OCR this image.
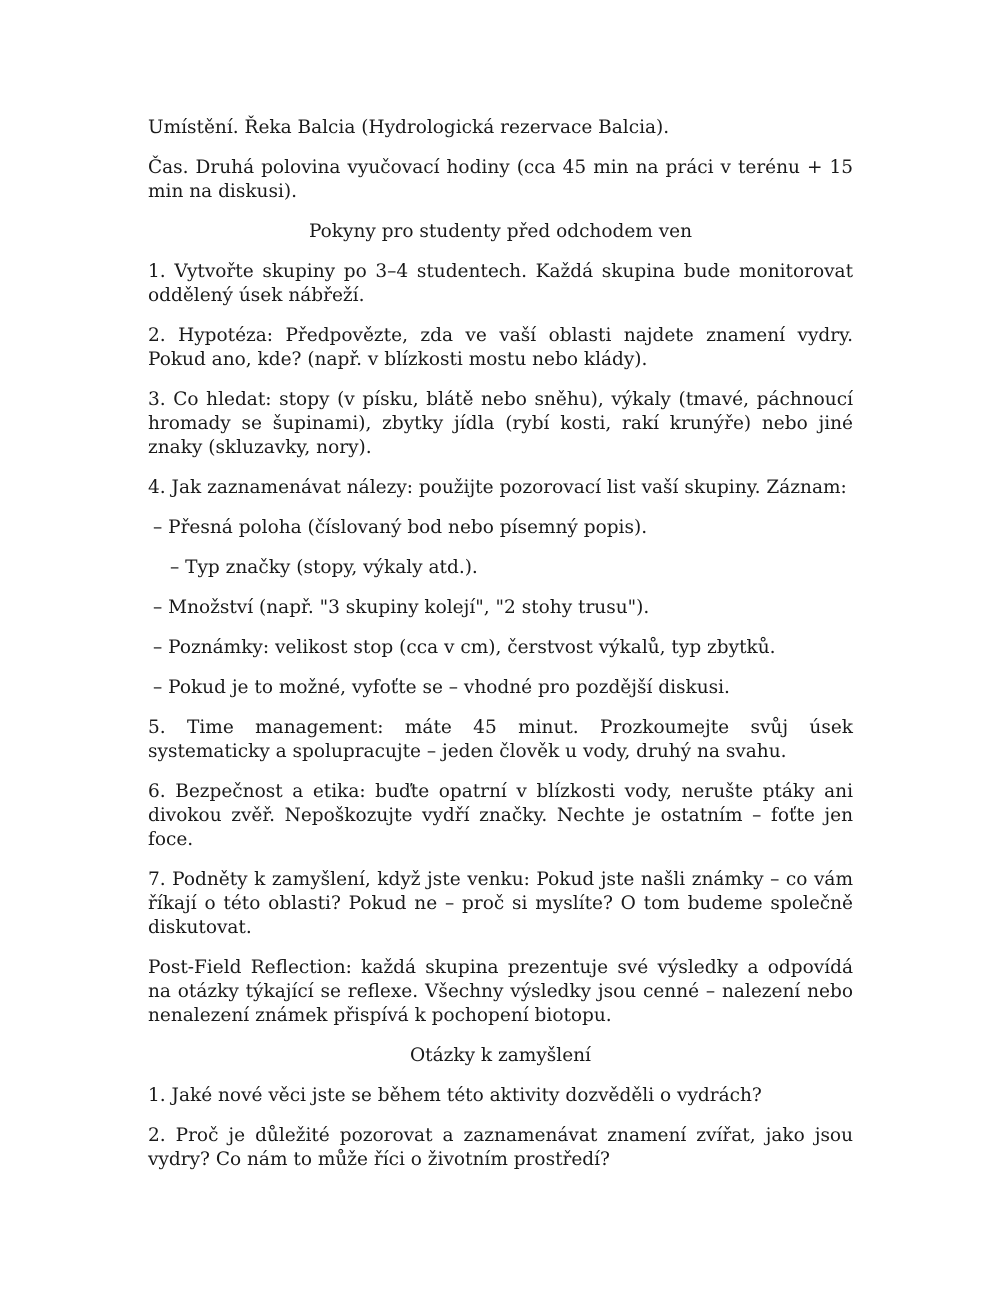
Umístění. Řeka Balcia (Hydrologická rezervace Balcia).

Čas. Druhá polovina vyučovací hodiny (cca 45 min na práci v terénu + 15 min na diskusi).

Pokyny pro studenty před odchodem ven

1. Vytvořte skupiny po 3–4 studentech. Každá skupina bude monitorovat oddělený úsek nábřeží.

2. Hypotéza: Předpovězte, zda ve vaší oblasti najdete znamení vydry. Pokud ano, kde? (např. v blízkosti mostu nebo klády).

3. Co hledat: stopy (v písku, blátě nebo sněhu), výkaly (tmavé, páchnoucí hromady se šupinami), zbytky jídla (rybí kosti, rakí krunýře) nebo jiné znaky (skluzavky, nory).

4. Jak zaznamenávat nálezy: použijte pozorovací list vaší skupiny. Záznam:

– Přesná poloha (číslovaný bod nebo písemný popis).

– Typ značky (stopy, výkaly atd.).

– Množství (např. "3 skupiny kolejí", "2 stohy trusu").

– Poznámky: velikost stop (cca v cm), čerstvost výkalů, typ zbytků.

– Pokud je to možné, vyfoťte se – vhodné pro pozdější diskusi.

5. Time management: máte 45 minut. Prozkoumejte svůj úsek systematicky a spolupracujte – jeden člověk u vody, druhý na svahu.

6. Bezpečnost a etika: buďte opatrní v blízkosti vody, nerušte ptáky ani divokou zvěř. Nepoškozujte vydří značky. Nechte je ostatním – foťte jen foce.

7. Podněty k zamyšlení, když jste venku: Pokud jste našli známky – co vám říkají o této oblasti? Pokud ne – proč si myslíte? O tom budeme společně diskutovat.

Post-Field Reflection: každá skupina prezentuje své výsledky a odpovídá na otázky týkající se reflexe. Všechny výsledky jsou cenné – nalezení nebo nenalezení známek přispívá k pochopení biotopu.

Otázky k zamyšlení

1. Jaké nové věci jste se během této aktivity dozvěděli o vydrách?

2. Proč je důležité pozorovat a zaznamenávat znamení zvířat, jako jsou vydry? Co nám to může říci o životním prostředí?
